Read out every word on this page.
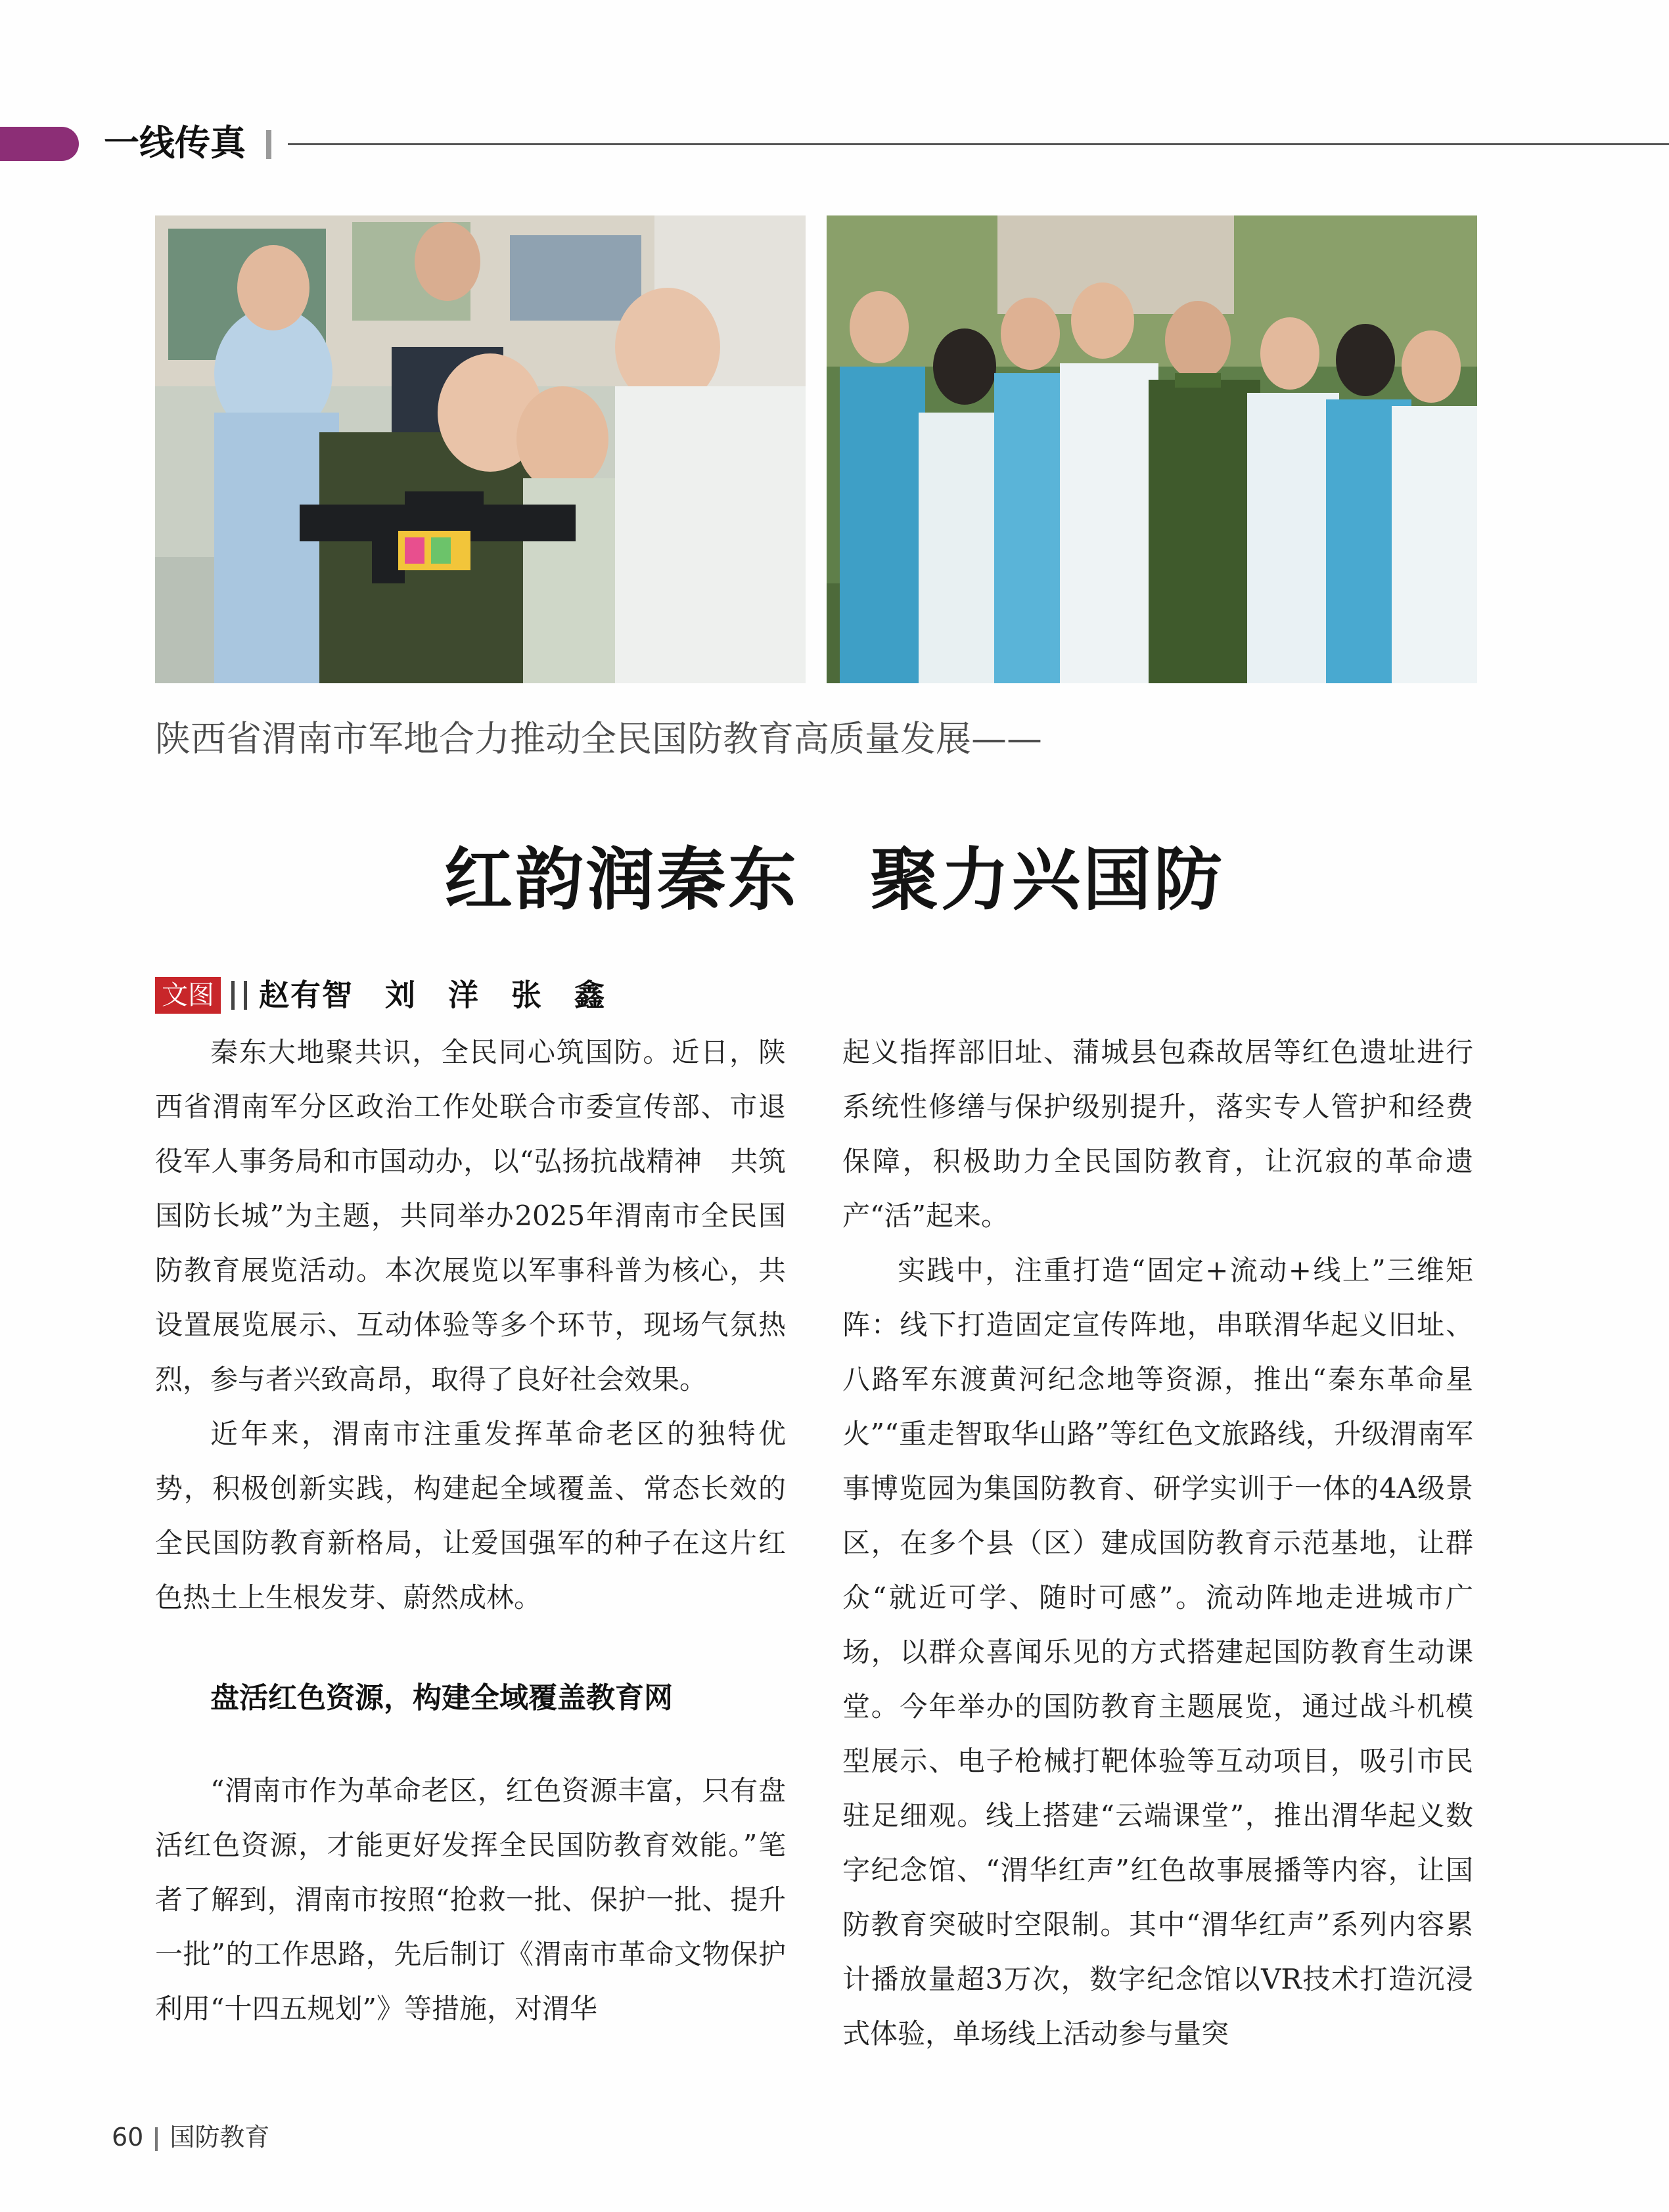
一线传真
陕西省渭南市军地合力推动全民国防教育高质量发展——
红韵润秦东　聚力兴国防
文图 赵有智　刘　洋　张　鑫

秦东大地聚共识，全民同心筑国防。近日，陕西省渭南军分区政治工作处联合市委宣传部、市退役军人事务局和市国动办，以“弘扬抗战精神　共筑国防长城”为主题，共同举办2025年渭南市全民国防教育展览活动。本次展览以军事科普为核心，共设置展览展示、互动体验等多个环节，现场气氛热烈，参与者兴致高昂，取得了良好社会效果。

近年来，渭南市注重发挥革命老区的独特优势，积极创新实践，构建起全域覆盖、常态长效的全民国防教育新格局，让爱国强军的种子在这片红色热土上生根发芽、蔚然成林。

盘活红色资源，构建全域覆盖教育网

“渭南市作为革命老区，红色资源丰富，只有盘活红色资源，才能更好发挥全民国防教育效能。”笔者了解到，渭南市按照“抢救一批、保护一批、提升一批”的工作思路，先后制订《渭南市革命文物保护利用“十四五规划”》等措施，对渭华

起义指挥部旧址、蒲城县包森故居等红色遗址进行系统性修缮与保护级别提升，落实专人管护和经费保障，积极助力全民国防教育，让沉寂的革命遗产“活”起来。

实践中，注重打造“固定+流动+线上”三维矩阵：线下打造固定宣传阵地，串联渭华起义旧址、八路军东渡黄河纪念地等资源，推出“秦东革命星火”“重走智取华山路”等红色文旅路线，升级渭南军事博览园为集国防教育、研学实训于一体的4A级景区，在多个县（区）建成国防教育示范基地，让群众“就近可学、随时可感”。流动阵地走进城市广场，以群众喜闻乐见的方式搭建起国防教育生动课堂。今年举办的国防教育主题展览，通过战斗机模型展示、电子枪械打靶体验等互动项目，吸引市民驻足细观。线上搭建“云端课堂”，推出渭华起义数字纪念馆、“渭华红声”红色故事展播等内容，让国防教育突破时空限制。其中“渭华红声”系列内容累计播放量超3万次，数字纪念馆以VR技术打造沉浸式体验，单场线上活动参与量突

60 国防教育
